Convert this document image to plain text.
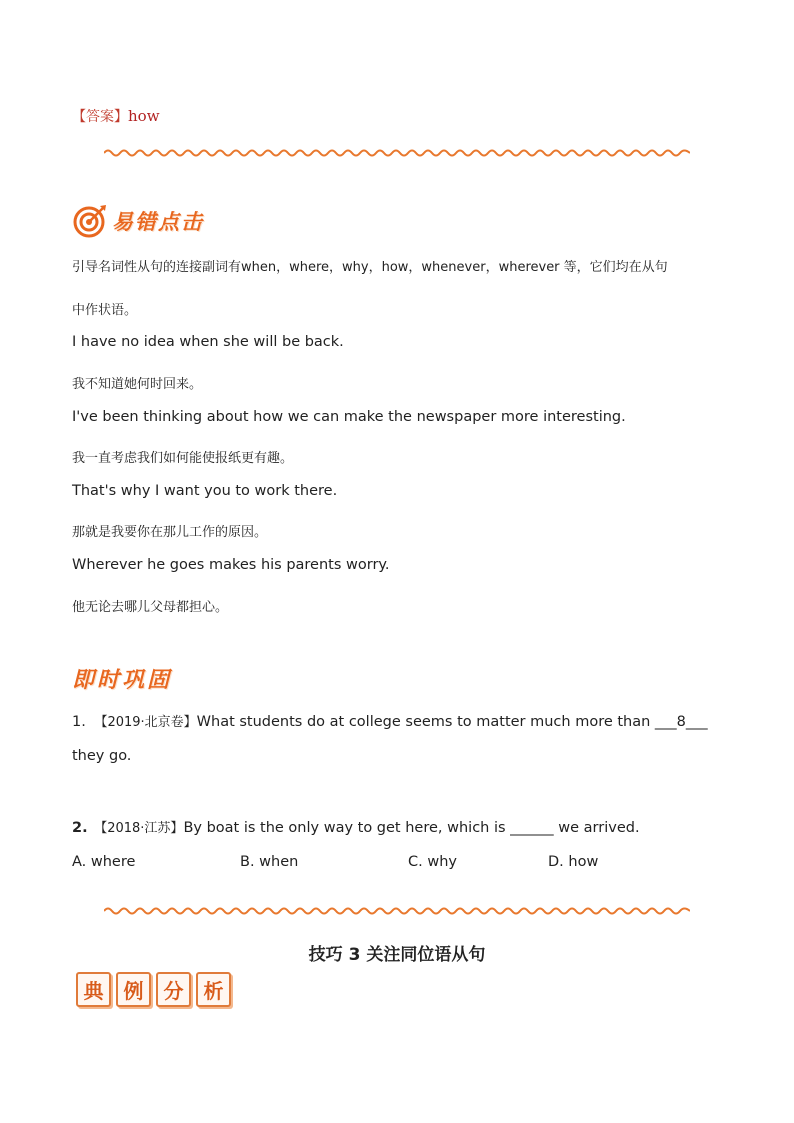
【答案】how
易错点击
引导名词性从句的连接副词有when，where，why，how，whenever，wherever 等，它们均在从句
中作状语。
I have no idea when she will be back.
我不知道她何时回来。
I've been thinking about how we can make the newspaper more interesting.
我一直考虑我们如何能使报纸更有趣。
That's why I want you to work there.
那就是我要你在那儿工作的原因。
Wherever he goes makes his parents worry.
他无论去哪儿父母都担心。
即时巩固
1. 【2019·北京卷】What students do at college seems to matter much more than ___8___
they go.
2. 【2018·江苏】By boat is the only way to get here, which is ______ we arrived.
A. where	B. when	C. why	D. how
技巧 3 关注同位语从句
典	例	分	析
